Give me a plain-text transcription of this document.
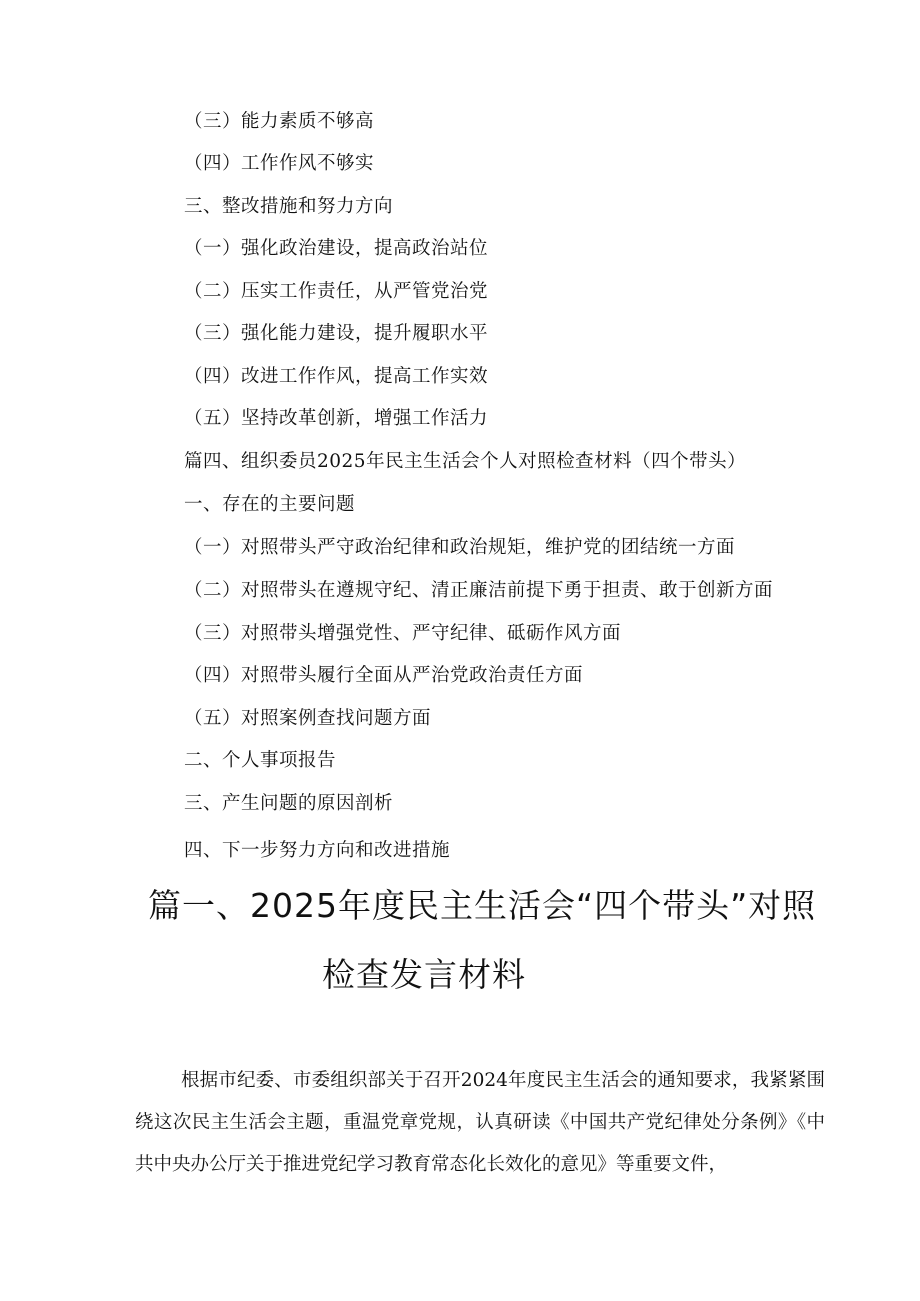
（三）能力素质不够高
（四）工作作风不够实
三、整改措施和努力方向
（一）强化政治建设，提高政治站位
（二）压实工作责任，从严管党治党
（三）强化能力建设，提升履职水平
（四）改进工作作风，提高工作实效
（五）坚持改革创新，增强工作活力
篇四、组织委员2025年民主生活会个人对照检查材料（四个带头）
一、存在的主要问题
（一）对照带头严守政治纪律和政治规矩，维护党的团结统一方面
（二）对照带头在遵规守纪、清正廉洁前提下勇于担责、敢于创新方面
（三）对照带头增强党性、严守纪律、砥砺作风方面
（四）对照带头履行全面从严治党政治责任方面
（五）对照案例查找问题方面
二、个人事项报告
三、产生问题的原因剖析
四、下一步努力方向和改进措施
篇一、2025年度民主生活会“四个带头”对照
检查发言材料

根据市纪委、市委组织部关于召开2024年度民主生活会的通知要求，我紧紧围绕这次民主生活会主题，重温党章党规，认真研读《中国共产党纪律处分条例》《中共中央办公厅关于推进党纪学习教育常态化长效化的意见》等重要文件，
